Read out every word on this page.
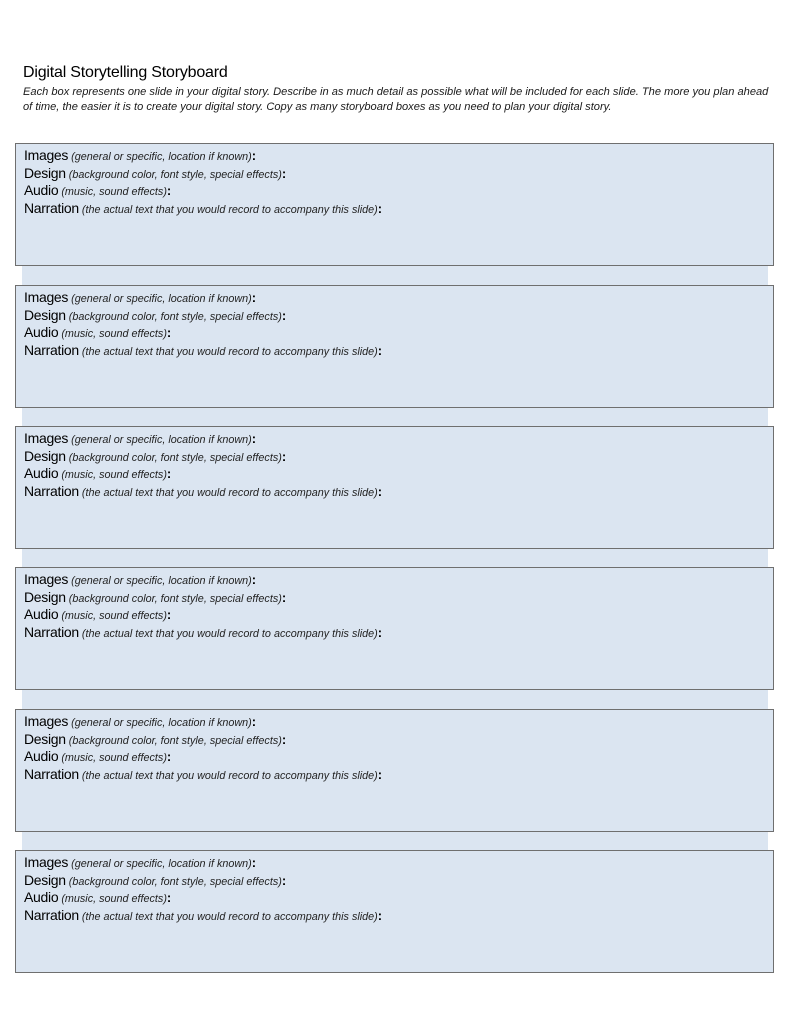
Digital Storytelling Storyboard

Each box represents one slide in your digital story. Describe in as much detail as possible what will be included for each slide. The more you plan ahead of time, the easier it is to create your digital story. Copy as many storyboard boxes as you need to plan your digital story.

Images (general or specific, location if known):
Design (background color, font style, special effects):
Audio (music, sound effects):
Narration (the actual text that you would record to accompany this slide):
Images (general or specific, location if known):
Design (background color, font style, special effects):
Audio (music, sound effects):
Narration (the actual text that you would record to accompany this slide):
Images (general or specific, location if known):
Design (background color, font style, special effects):
Audio (music, sound effects):
Narration (the actual text that you would record to accompany this slide):
Images (general or specific, location if known):
Design (background color, font style, special effects):
Audio (music, sound effects):
Narration (the actual text that you would record to accompany this slide):
Images (general or specific, location if known):
Design (background color, font style, special effects):
Audio (music, sound effects):
Narration (the actual text that you would record to accompany this slide):
Images (general or specific, location if known):
Design (background color, font style, special effects):
Audio (music, sound effects):
Narration (the actual text that you would record to accompany this slide):
